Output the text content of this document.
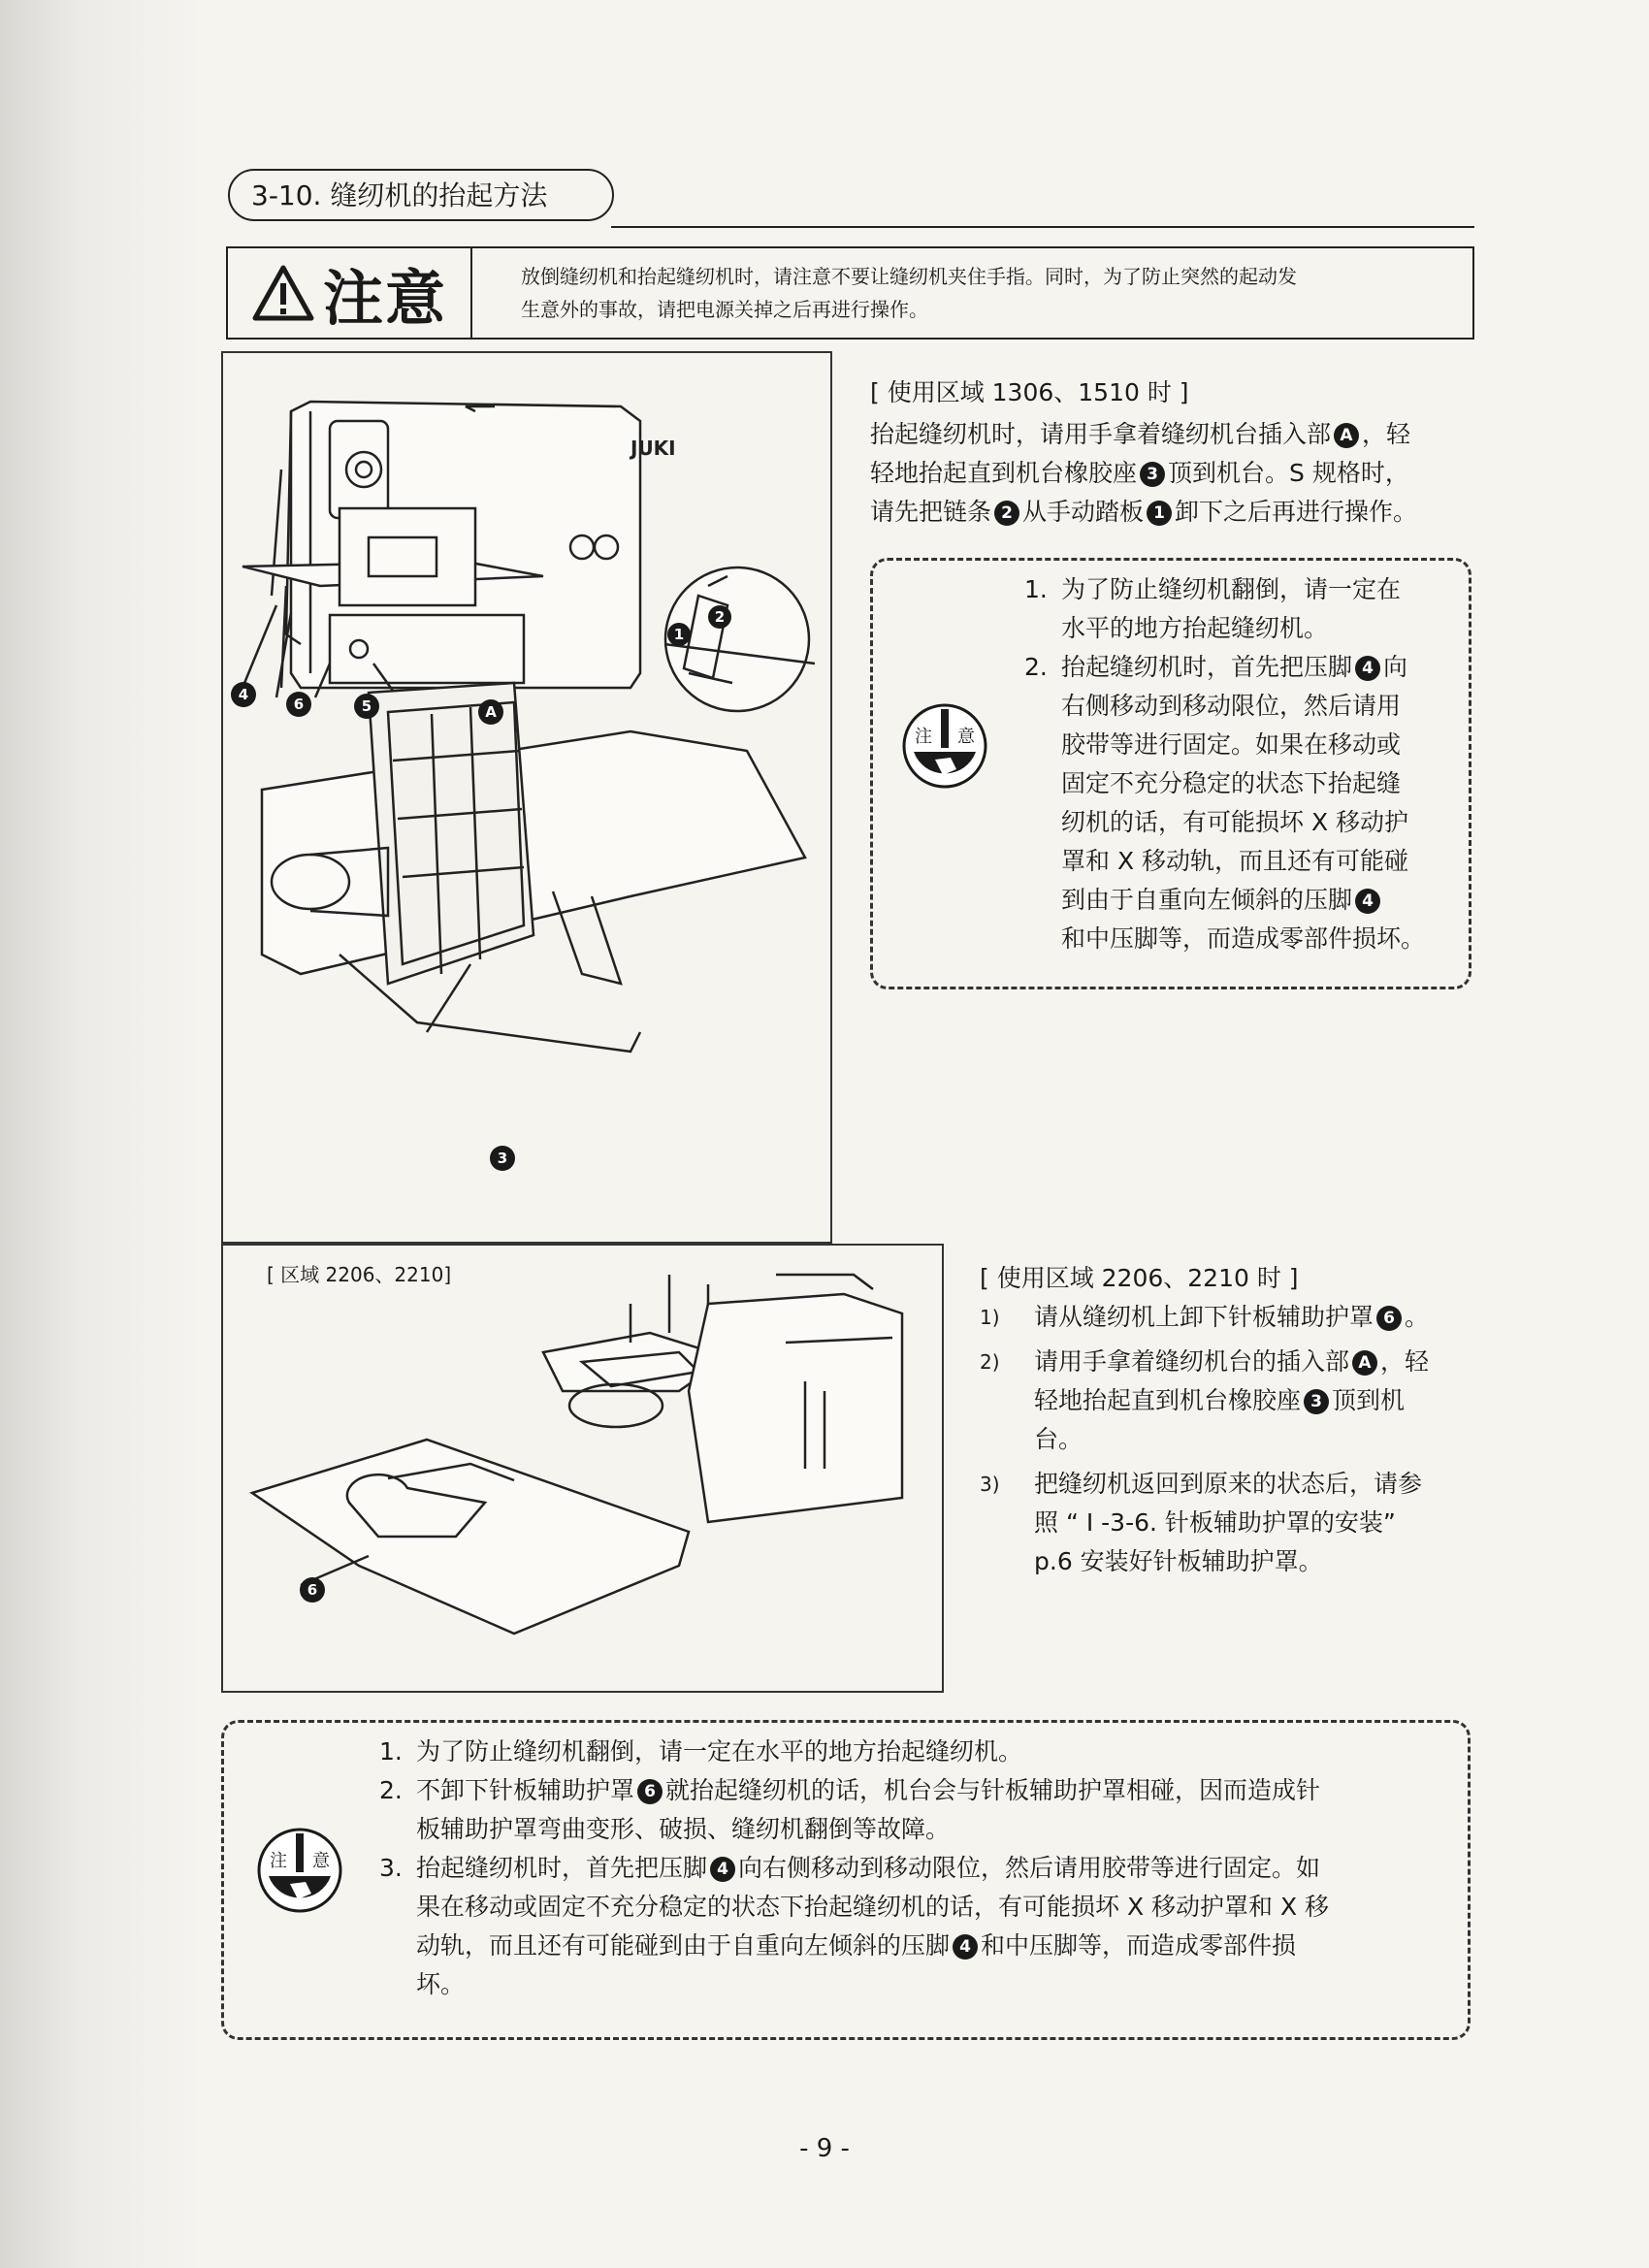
3-10. 缝纫机的抬起方法
注意	放倒缝纫机和抬起缝纫机时，请注意不要让缝纫机夹住手指。同时，为了防止突然的起动发
生意外的事故，请把电源关掉之后再进行操作。
JUKI
4
6	5	A
1
2
3
[ 使用区域 1306、1510 时 ]
抬起缝纫机时，请用手拿着缝纫机台插入部 A ，轻
轻地抬起直到机台橡胶座 3 顶到机台。S 规格时，
请先把链条 2 从手动踏板 1 卸下之后再进行操作。
注 意
1. 为了防止缝纫机翻倒，请一定在
水平的地方抬起缝纫机。
2. 抬起缝纫机时，首先把压脚 4 向
右侧移动到移动限位，然后请用
胶带等进行固定。如果在移动或
固定不充分稳定的状态下抬起缝
纫机的话，有可能损坏 X 移动护
罩和 X 移动轨，而且还有可能碰
到由于自重向左倾斜的压脚 4
和中压脚等，而造成零部件损坏。
[ 区域 2206、2210]
6
[ 使用区域 2206、2210 时 ]
1) 请从缝纫机上卸下针板辅助护罩 6 。
2) 请用手拿着缝纫机台的插入部 A ，轻
轻地抬起直到机台橡胶座 3 顶到机
台。
3) 把缝纫机返回到原来的状态后，请参
照 “ I -3-6. 针板辅助护罩的安装”
p.6 安装好针板辅助护罩。
注 意
1. 为了防止缝纫机翻倒，请一定在水平的地方抬起缝纫机。
2. 不卸下针板辅助护罩 6 就抬起缝纫机的话，机台会与针板辅助护罩相碰，因而造成针
板辅助护罩弯曲变形、破损、缝纫机翻倒等故障。
3. 抬起缝纫机时，首先把压脚 4 向右侧移动到移动限位，然后请用胶带等进行固定。如
果在移动或固定不充分稳定的状态下抬起缝纫机的话，有可能损坏 X 移动护罩和 X 移
动轨，而且还有可能碰到由于自重向左倾斜的压脚 4 和中压脚等，而造成零部件损
坏。
- 9 -
